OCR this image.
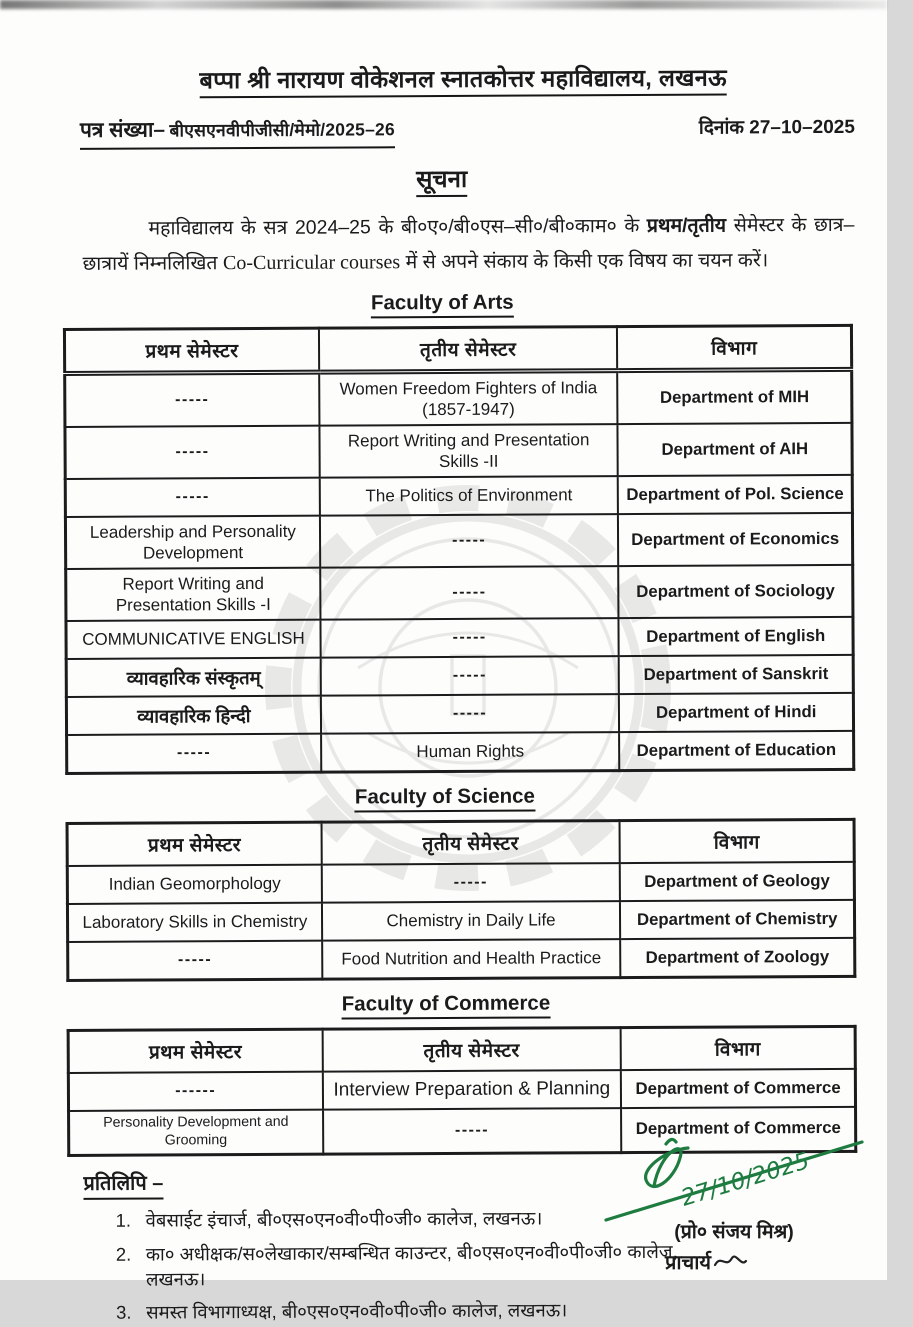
बप्पा श्री नारायण वोकेशनल स्नातकोत्तर महाविद्यालय, लखनऊ
पत्र संख्या– बीएसएनवीपीजीसी/मेमो/2025–26	दिनांक 27–10–2025
सूचना

महाविद्यालय के सत्र 2024–25 के बी०ए०/बी०एस–सी०/बी०काम० के प्रथम/तृतीय सेमेस्टर के छात्र–छात्रायें निम्नलिखित Co-Curricular courses में से अपने संकाय के किसी एक विषय का चयन करें।

Faculty of Arts
प्रथम सेमेस्टर	तृतीय सेमेस्टर	विभाग
-----	Women Freedom Fighters of India (1857-1947)	Department of MIH
-----	Report Writing and Presentation Skills -II	Department of AIH
-----	The Politics of Environment	Department of Pol. Science
Leadership and Personality Development	-----	Department of Economics
Report Writing and Presentation Skills -I	-----	Department of Sociology
COMMUNICATIVE ENGLISH	-----	Department of English
व्यावहारिक संस्कृतम्	-----	Department of Sanskrit
व्यावहारिक हिन्दी	-----	Department of Hindi
-----	Human Rights	Department of Education
Faculty of Science
प्रथम सेमेस्टर	तृतीय सेमेस्टर	विभाग
Indian Geomorphology	-----	Department of Geology
Laboratory Skills in Chemistry	Chemistry in Daily Life	Department of Chemistry
-----	Food Nutrition and Health Practice	Department of Zoology
Faculty of Commerce
प्रथम सेमेस्टर	तृतीय सेमेस्टर	विभाग
------	Interview Preparation & Planning	Department of Commerce
Personality Development and Grooming	-----	Department of Commerce
प्रतिलिपि –
1. वेबसाईट इंचार्ज, बी०एस०एन०वी०पी०जी० कालेज, लखनऊ।
2. का० अधीक्षक/स०लेखाकार/सम्बन्धित काउन्टर, बी०एस०एन०वी०पी०जी० कालेज, लखनऊ।
3. समस्त विभागाध्यक्ष, बी०एस०एन०वी०पी०जी० कालेज, लखनऊ।
27/10/2025
(प्रो० संजय मिश्र)
प्राचार्य
